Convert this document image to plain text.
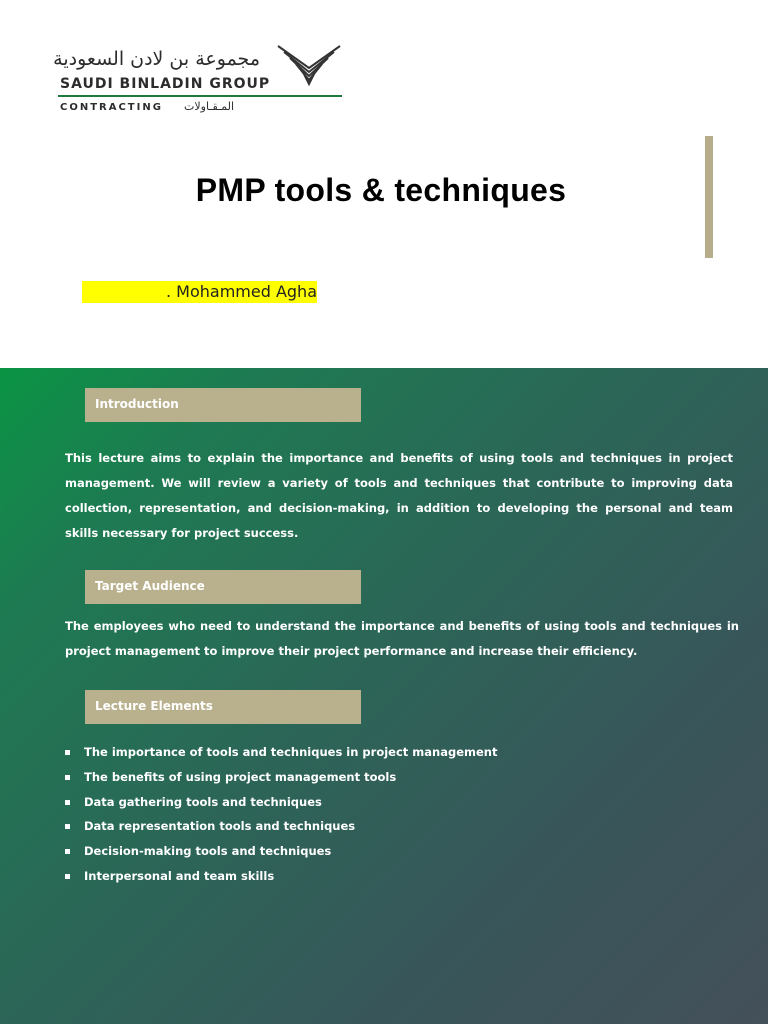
مجموعة بن لادن السعودية
SAUDI BINLADIN GROUP
CONTRACTING المـقـاولات
PMP tools & techniques
. Mohammed Agha
Introduction

This lecture aims to explain the importance and benefits of using tools and techniques in project management. We will review a variety of tools and techniques that contribute to improving data collection, representation, and decision-making, in addition to developing the personal and team skills necessary for project success.

Target Audience

The employees who need to understand the importance and benefits of using tools and techniques in project management to improve their project performance and increase their efficiency.

Lecture Elements
The importance of tools and techniques in project management
The benefits of using project management tools
Data gathering tools and techniques
Data representation tools and techniques
Decision-making tools and techniques
Interpersonal and team skills
